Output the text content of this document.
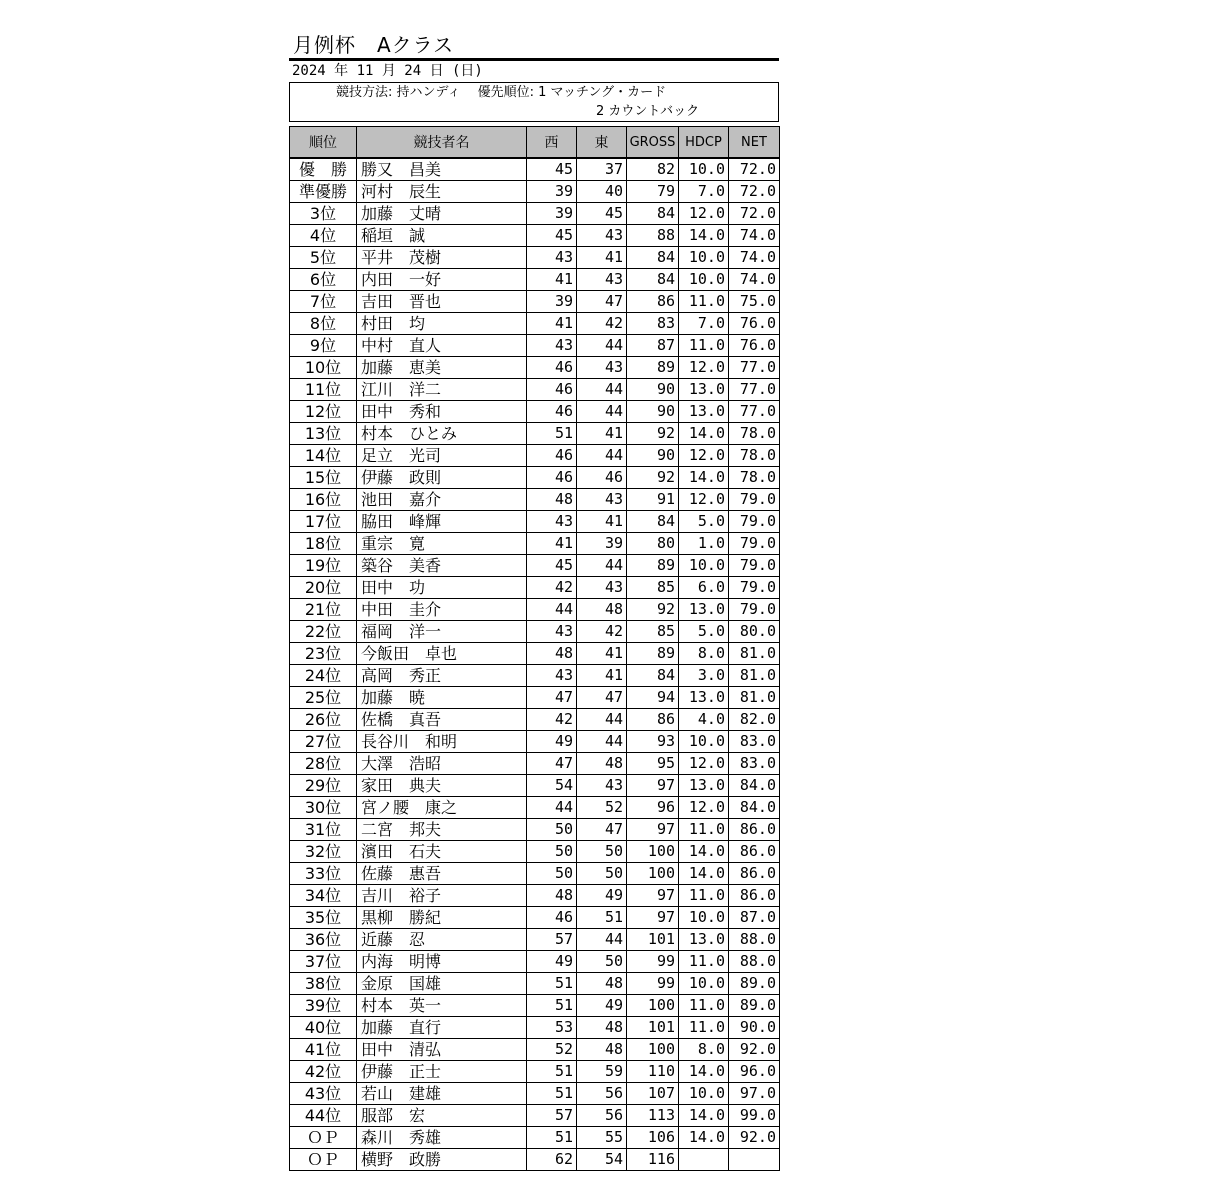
月例杯　Aクラス
2024 年 11 月 24 日 (日)
競技方法: 持ハンディ　 優先順位: 1 マッチング・カード
2 カウントバック
順位	競技者名	西	東	GROSS	HDCP	NET
優　勝	勝又　昌美	45	37	82	10.0	72.0
準優勝	河村　辰生	39	40	79	7.0	72.0
3位	加藤　丈晴	39	45	84	12.0	72.0
4位	稲垣　誠	45	43	88	14.0	74.0
5位	平井　茂樹	43	41	84	10.0	74.0
6位	内田　一好	41	43	84	10.0	74.0
7位	吉田　晋也	39	47	86	11.0	75.0
8位	村田　均	41	42	83	7.0	76.0
9位	中村　直人	43	44	87	11.0	76.0
10位	加藤　恵美	46	43	89	12.0	77.0
11位	江川　洋二	46	44	90	13.0	77.0
12位	田中　秀和	46	44	90	13.0	77.0
13位	村本　ひとみ	51	41	92	14.0	78.0
14位	足立　光司	46	44	90	12.0	78.0
15位	伊藤　政則	46	46	92	14.0	78.0
16位	池田　嘉介	48	43	91	12.0	79.0
17位	脇田　峰輝	43	41	84	5.0	79.0
18位	重宗　寛	41	39	80	1.0	79.0
19位	築谷　美香	45	44	89	10.0	79.0
20位	田中　功	42	43	85	6.0	79.0
21位	中田　圭介	44	48	92	13.0	79.0
22位	福岡　洋一	43	42	85	5.0	80.0
23位	今飯田　卓也	48	41	89	8.0	81.0
24位	高岡　秀正	43	41	84	3.0	81.0
25位	加藤　暁	47	47	94	13.0	81.0
26位	佐橋　真吾	42	44	86	4.0	82.0
27位	長谷川　和明	49	44	93	10.0	83.0
28位	大澤　浩昭	47	48	95	12.0	83.0
29位	家田　典夫	54	43	97	13.0	84.0
30位	宮ノ腰　康之	44	52	96	12.0	84.0
31位	二宮　邦夫	50	47	97	11.0	86.0
32位	濱田　石夫	50	50	100	14.0	86.0
33位	佐藤　惠吾	50	50	100	14.0	86.0
34位	吉川　裕子	48	49	97	11.0	86.0
35位	黒柳　勝紀	46	51	97	10.0	87.0
36位	近藤　忍	57	44	101	13.0	88.0
37位	内海　明博	49	50	99	11.0	88.0
38位	金原　国雄	51	48	99	10.0	89.0
39位	村本　英一	51	49	100	11.0	89.0
40位	加藤　直行	53	48	101	11.0	90.0
41位	田中　清弘	52	48	100	8.0	92.0
42位	伊藤　正士	51	59	110	14.0	96.0
43位	若山　建雄	51	56	107	10.0	97.0
44位	服部　宏	57	56	113	14.0	99.0
ＯＰ	森川　秀雄	51	55	106	14.0	92.0
ＯＰ	横野　政勝	62	54	116		
